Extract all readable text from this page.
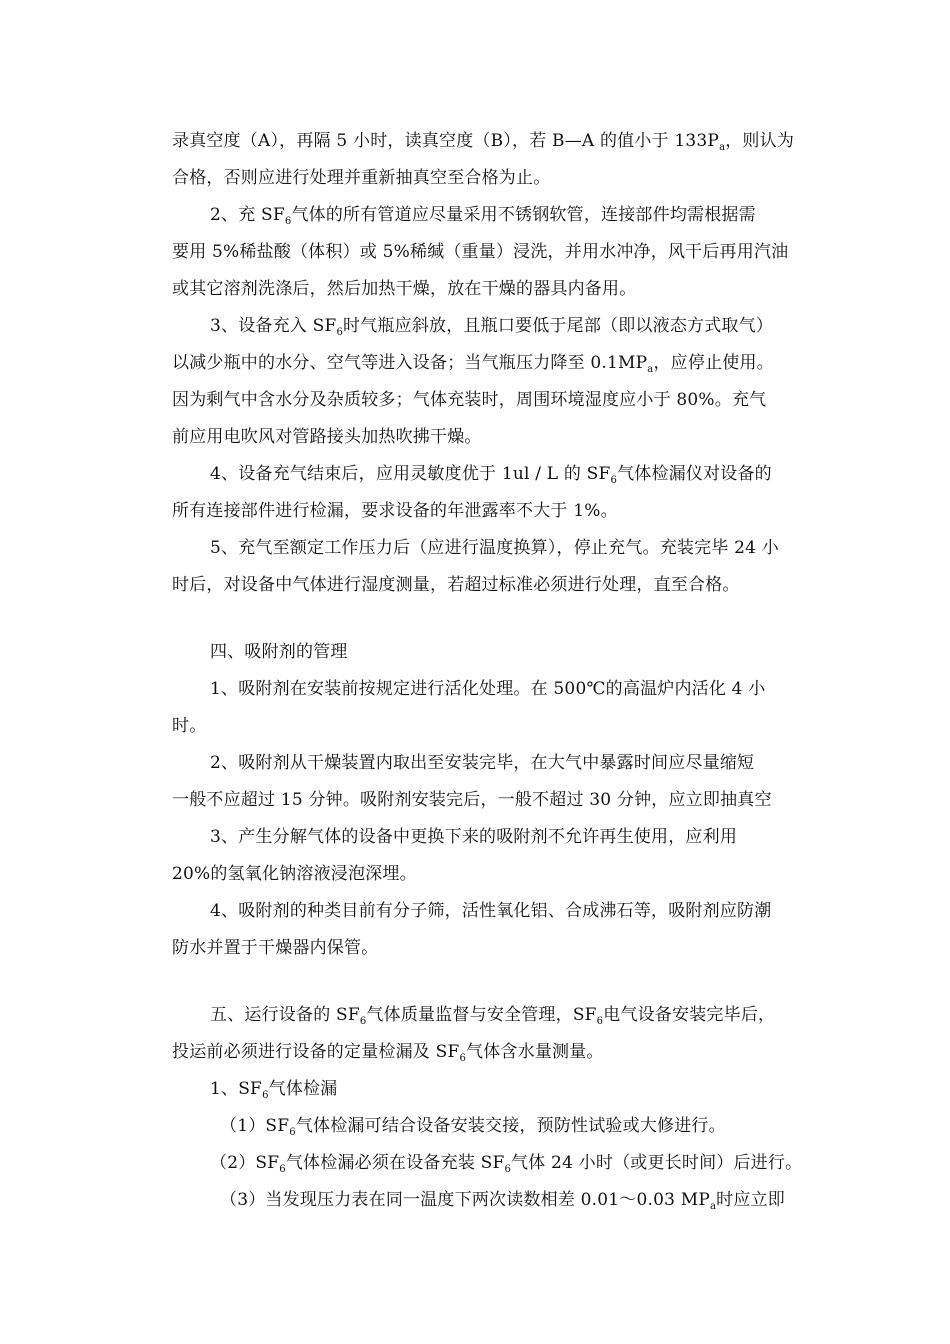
录真空度（A），再隔 5 小时，读真空度（B），若 B—A 的值小于 $133P_a$，则认为
合格，否则应进行处理并重新抽真空至合格为止。
2、充 $SF_6$气体的所有管道应尽量采用不锈钢软管，连接部件均需根据需
要用 5%稀盐酸（体积）或 5%稀缄（重量）浸洗，并用水冲净，风干后再用汽油
或其它溶剂洗涤后，然后加热干燥，放在干燥的器具内备用。
3、设备充入 $SF_6$时气瓶应斜放，且瓶口要低于尾部（即以液态方式取气）
以减少瓶中的水分、空气等进入设备；当气瓶压力降至 $0.1MP_a$，应停止使用。
因为剩气中含水分及杂质较多；气体充装时，周围环境湿度应小于 80%。充气
前应用电吹风对管路接头加热吹拂干燥。
4、设备充气结束后，应用灵敏度优于 1ul / L 的 $SF_6$气体检漏仪对设备的
所有连接部件进行检漏，要求设备的年泄露率不大于 1%。
5、充气至额定工作压力后（应进行温度换算），停止充气。充装完毕 24 小
时后，对设备中气体进行湿度测量，若超过标准必须进行处理，直至合格。
四、吸附剂的管理
1、吸附剂在安装前按规定进行活化处理。在 500℃的高温炉内活化 4 小
时。
2、吸附剂从干燥装置内取出至安装完毕，在大气中暴露时间应尽量缩短
一般不应超过 15 分钟。吸附剂安装完后，一般不超过 30 分钟，应立即抽真空
3、产生分解气体的设备中更换下来的吸附剂不允许再生使用，应利用
20%的氢氧化钠溶液浸泡深埋。
4、吸附剂的种类目前有分子筛，活性氧化铝、合成沸石等，吸附剂应防潮
防水并置于干燥器内保管。
五、运行设备的 $SF_6$气体质量监督与安全管理，$SF_6$电气设备安装完毕后，
投运前必须进行设备的定量检漏及 $SF_6$气体含水量测量。
1、$SF_6$气体检漏
$(1)SF_6$气体检漏可结合设备安装交接，预防性试验或大修进行。
$(2)SF_6$气体检漏必须在设备充装 $SF_6$气体 24 小时（或更长时间）后进行。
（3）当发现压力表在同一温度下两次读数相差 0.01～0.03 $MP_a$时应立即
